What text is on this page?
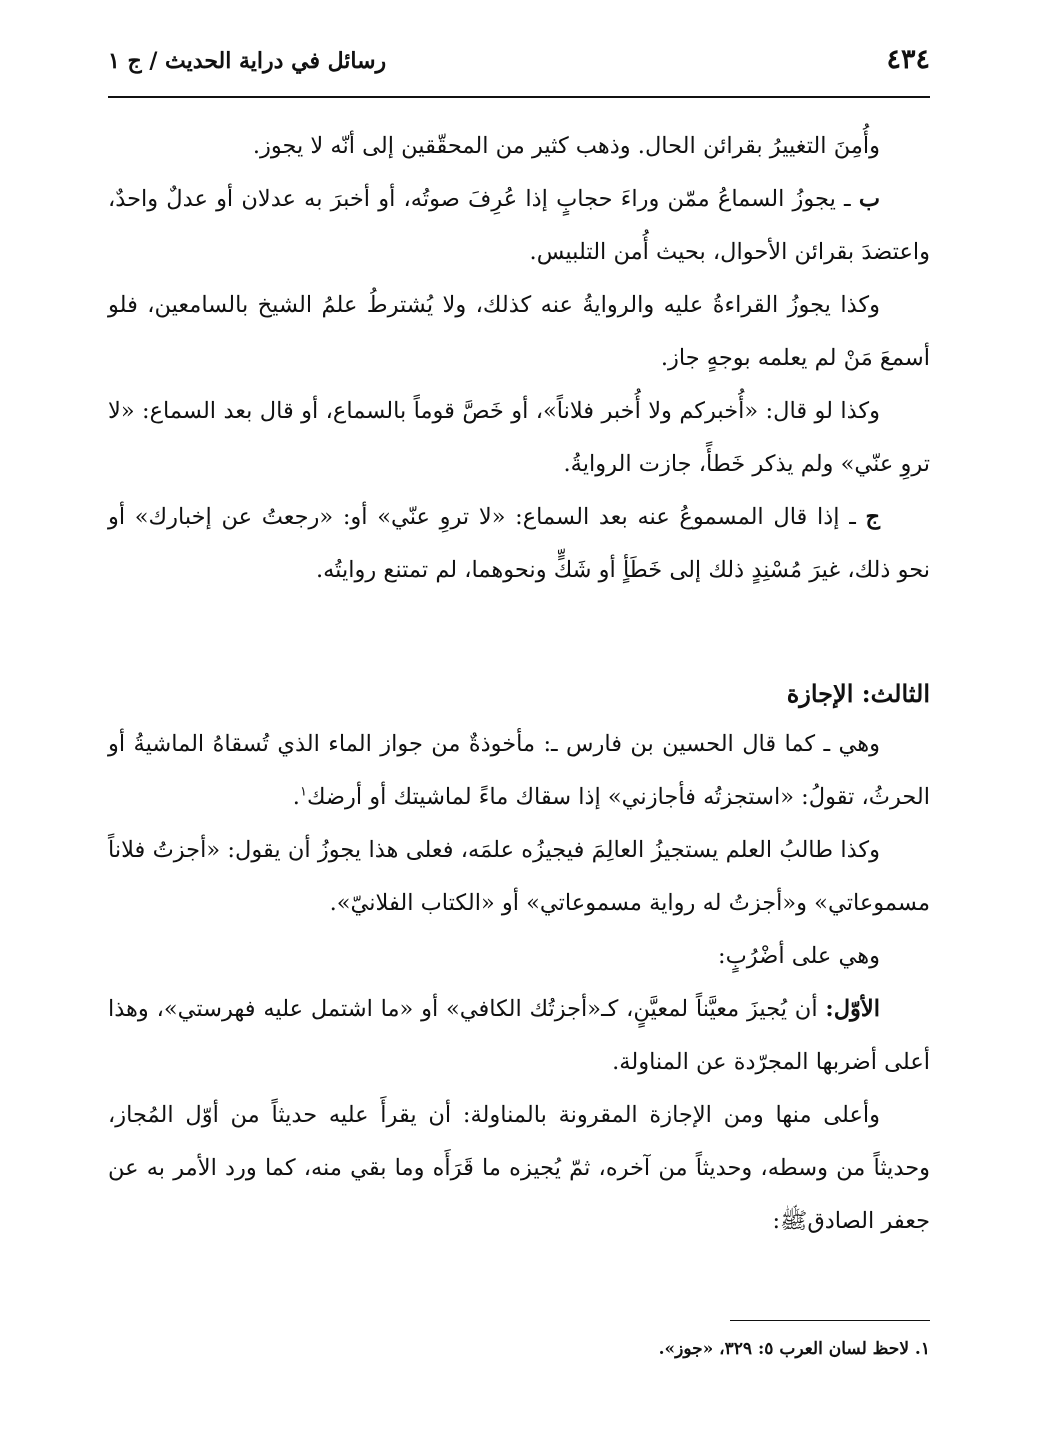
٤٣٤
رسائل في دراية الحديث / ج ١

وأُمِنَ التغييرُ بقرائن الحال. وذهب كثير من المحقّقين إلى أنّه لا يجوز.

ب ـ يجوزُ السماعُ ممّن وراءَ حجابٍ إذا عُرِفَ صوتُه، أو أخبرَ به عدلان أو عدلٌ واحدٌ، واعتضدَ بقرائن الأحوال، بحيث أُمن التلبيس.

وكذا يجوزُ القراءةُ عليه والروايةُ عنه كذلك، ولا يُشترطُ علمُ الشيخ بالسامعين، فلو أسمعَ مَنْ لم يعلمه بوجهٍ جاز.

وكذا لو قال: «أُخبركم ولا أُخبر فلاناً»، أو خَصَّ قوماً بالسماع، أو قال بعد السماع: «لا تروِ عنّي» ولم يذكر خَطأً، جازت الروايةُ.

ج ـ إذا قال المسموعُ عنه بعد السماع: «لا تروِ عنّي» أو: «رجعتُ عن إخبارك» أو نحو ذلك، غيرَ مُسْنِدٍ ذلك إلى خَطَأٍ أو شَكٍّ ونحوهما، لم تمتنع روايتُه.

الثالث: الإجازة

وهي ـ كما قال الحسين بن فارس ـ: مأخوذةٌ من جواز الماء الذي تُسقاهُ الماشيةُ أو الحرثُ، تقولُ: «استجزتُه فأجازني» إذا سقاك ماءً لماشيتك أو أرضك$^١$.

وكذا طالبُ العلم يستجيزُ العالِمَ فيجيزُه علمَه، فعلى هذا يجوزُ أن يقول: «أجزتُ فلاناً مسموعاتي» و«أجزتُ له رواية مسموعاتي» أو «الكتاب الفلانيّ».

وهي على أضْرُبٍ:

الأوّل: أن يُجيزَ معيَّناً لمعيَّنٍ، كـ«أجزتُك الكافي» أو «ما اشتمل عليه فهرستي»، وهذا أعلى أضربها المجرّدة عن المناولة.

وأعلى منها ومن الإجازة المقرونة بالمناولة: أن يقرأَ عليه حديثاً من أوّل المُجاز، وحديثاً من وسطه، وحديثاً من آخره، ثمّ يُجيزه ما قَرَأَه وما بقي منه، كما ورد الأمر به عن جعفر الصادقﷺ:

١. لاحظ لسان العرب ٥: ٣٢٩، «جوز».
